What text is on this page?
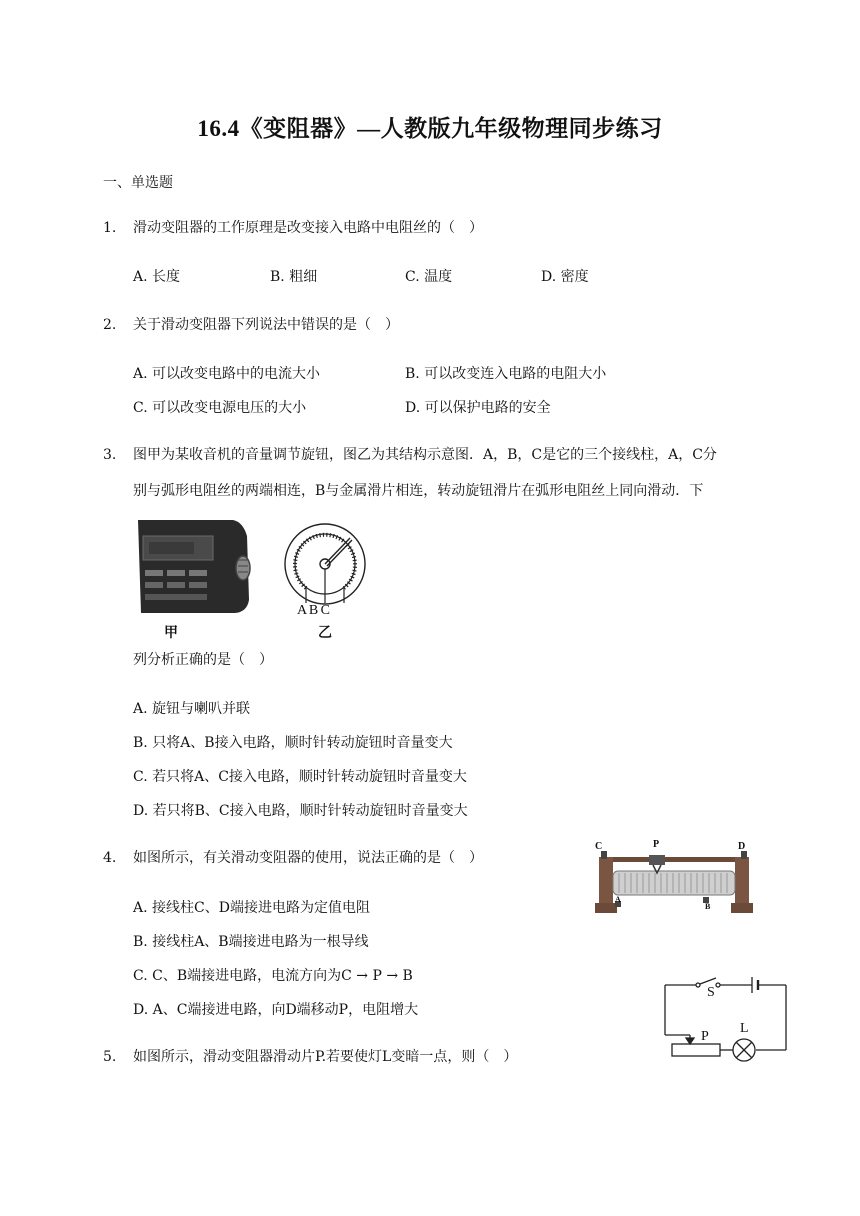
16.4《变阻器》—人教版九年级物理同步练习
一、单选题
1. 滑动变阻器的工作原理是改变接入电路中电阻丝的（　）
A. 长度	B. 粗细	C. 温度	D. 密度
2. 关于滑动变阻器下列说法中错误的是（　）
A. 可以改变电路中的电流大小	B. 可以改变连入电路的电阻大小
C. 可以改变电源电压的大小	D. 可以保护电路的安全
3. 图甲为某收音机的音量调节旋钮，图乙为其结构示意图．A，B，C是它的三个接线柱，A，C分
别与弧形电阻丝的两端相连，B与金属滑片相连，转动旋钮滑片在弧形电阻丝上同向滑动．下
甲
A B C
乙
列分析正确的是（　）
A. 旋钮与喇叭并联
B. 只将A、B接入电路，顺时针转动旋钮时音量变大
C. 若只将A、C接入电路，顺时针转动旋钮时音量变大
D. 若只将B、C接入电路，顺时针转动旋钮时音量变大
4. 如图所示，有关滑动变阻器的使用，说法正确的是（　）
C	P	D
A
B
A. 接线柱C、D端接进电路为定值电阻
B. 接线柱A、B端接进电路为一根导线
C. C、B端接进电路，电流方向为C → P → B
D. A、C端接进电路，向D端移动P，电阻增大
S
P
L
5. 如图所示，滑动变阻器滑动片P.若要使灯L变暗一点，则（　）
